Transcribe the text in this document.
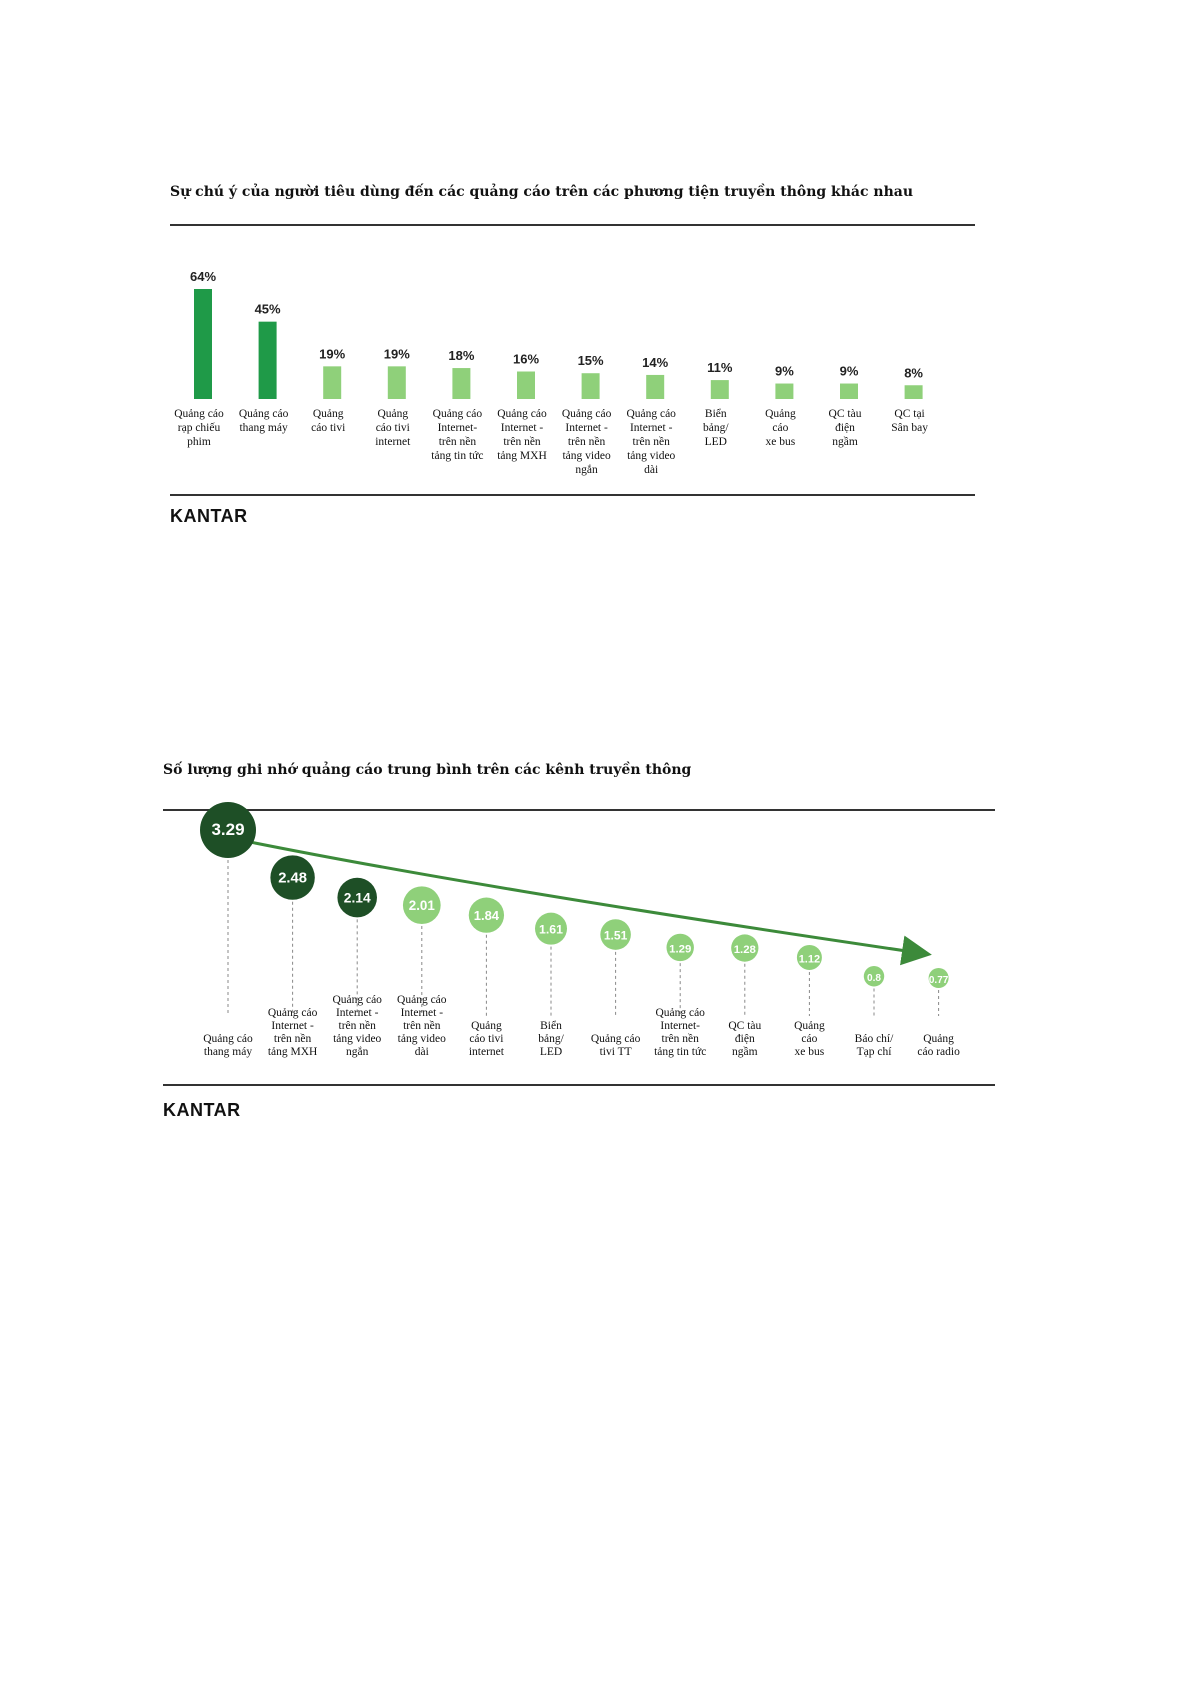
Sự chú ý của người tiêu dùng đến các quảng cáo trên các phương tiện truyền thông khác nhau
64%
Quảng cáo rạp chiếu phim
45%
Quảng cáo thang máy
19%
Quảng cáo tivi
19%
Quảng cáo tivi internet
18%
Quảng cáo Internet-trên nền tảng tin tức
16%
Quảng cáo Internet -trên nền tảng MXH
15%
Quảng cáo Internet -trên nền tảng video ngắn
14%
Quảng cáo Internet -trên nền tảng video dài
11%
Biển bảng/ LED
9%
Quảng cáo xe bus
9%
QC tàu điện ngầm
8%
QC tại Sân bay
KANTAR
Số lượng ghi nhớ quảng cáo trung bình trên các kênh truyền thông
3.29
Quảng cáo thang máy
2.48
Quảng cáo Internet -trên nền tảng MXH
2.14
Quảng cáo Internet -trên nền tảng video ngắn
2.01
Quảng cáo Internet -trên nền tảng video dài
1.84
Quảng cáo tivi internet
1.61
Biển bảng/ LED
1.51
Quảng cáo tivi TT
1.29
Quảng cáo Internet-trên nền tảng tin tức
1.28
QC tàu điện ngầm
1.12
Quảng cáo xe bus
0.8
Báo chí/ Tạp chí
0.77
Quảng cáo radio
KANTAR
